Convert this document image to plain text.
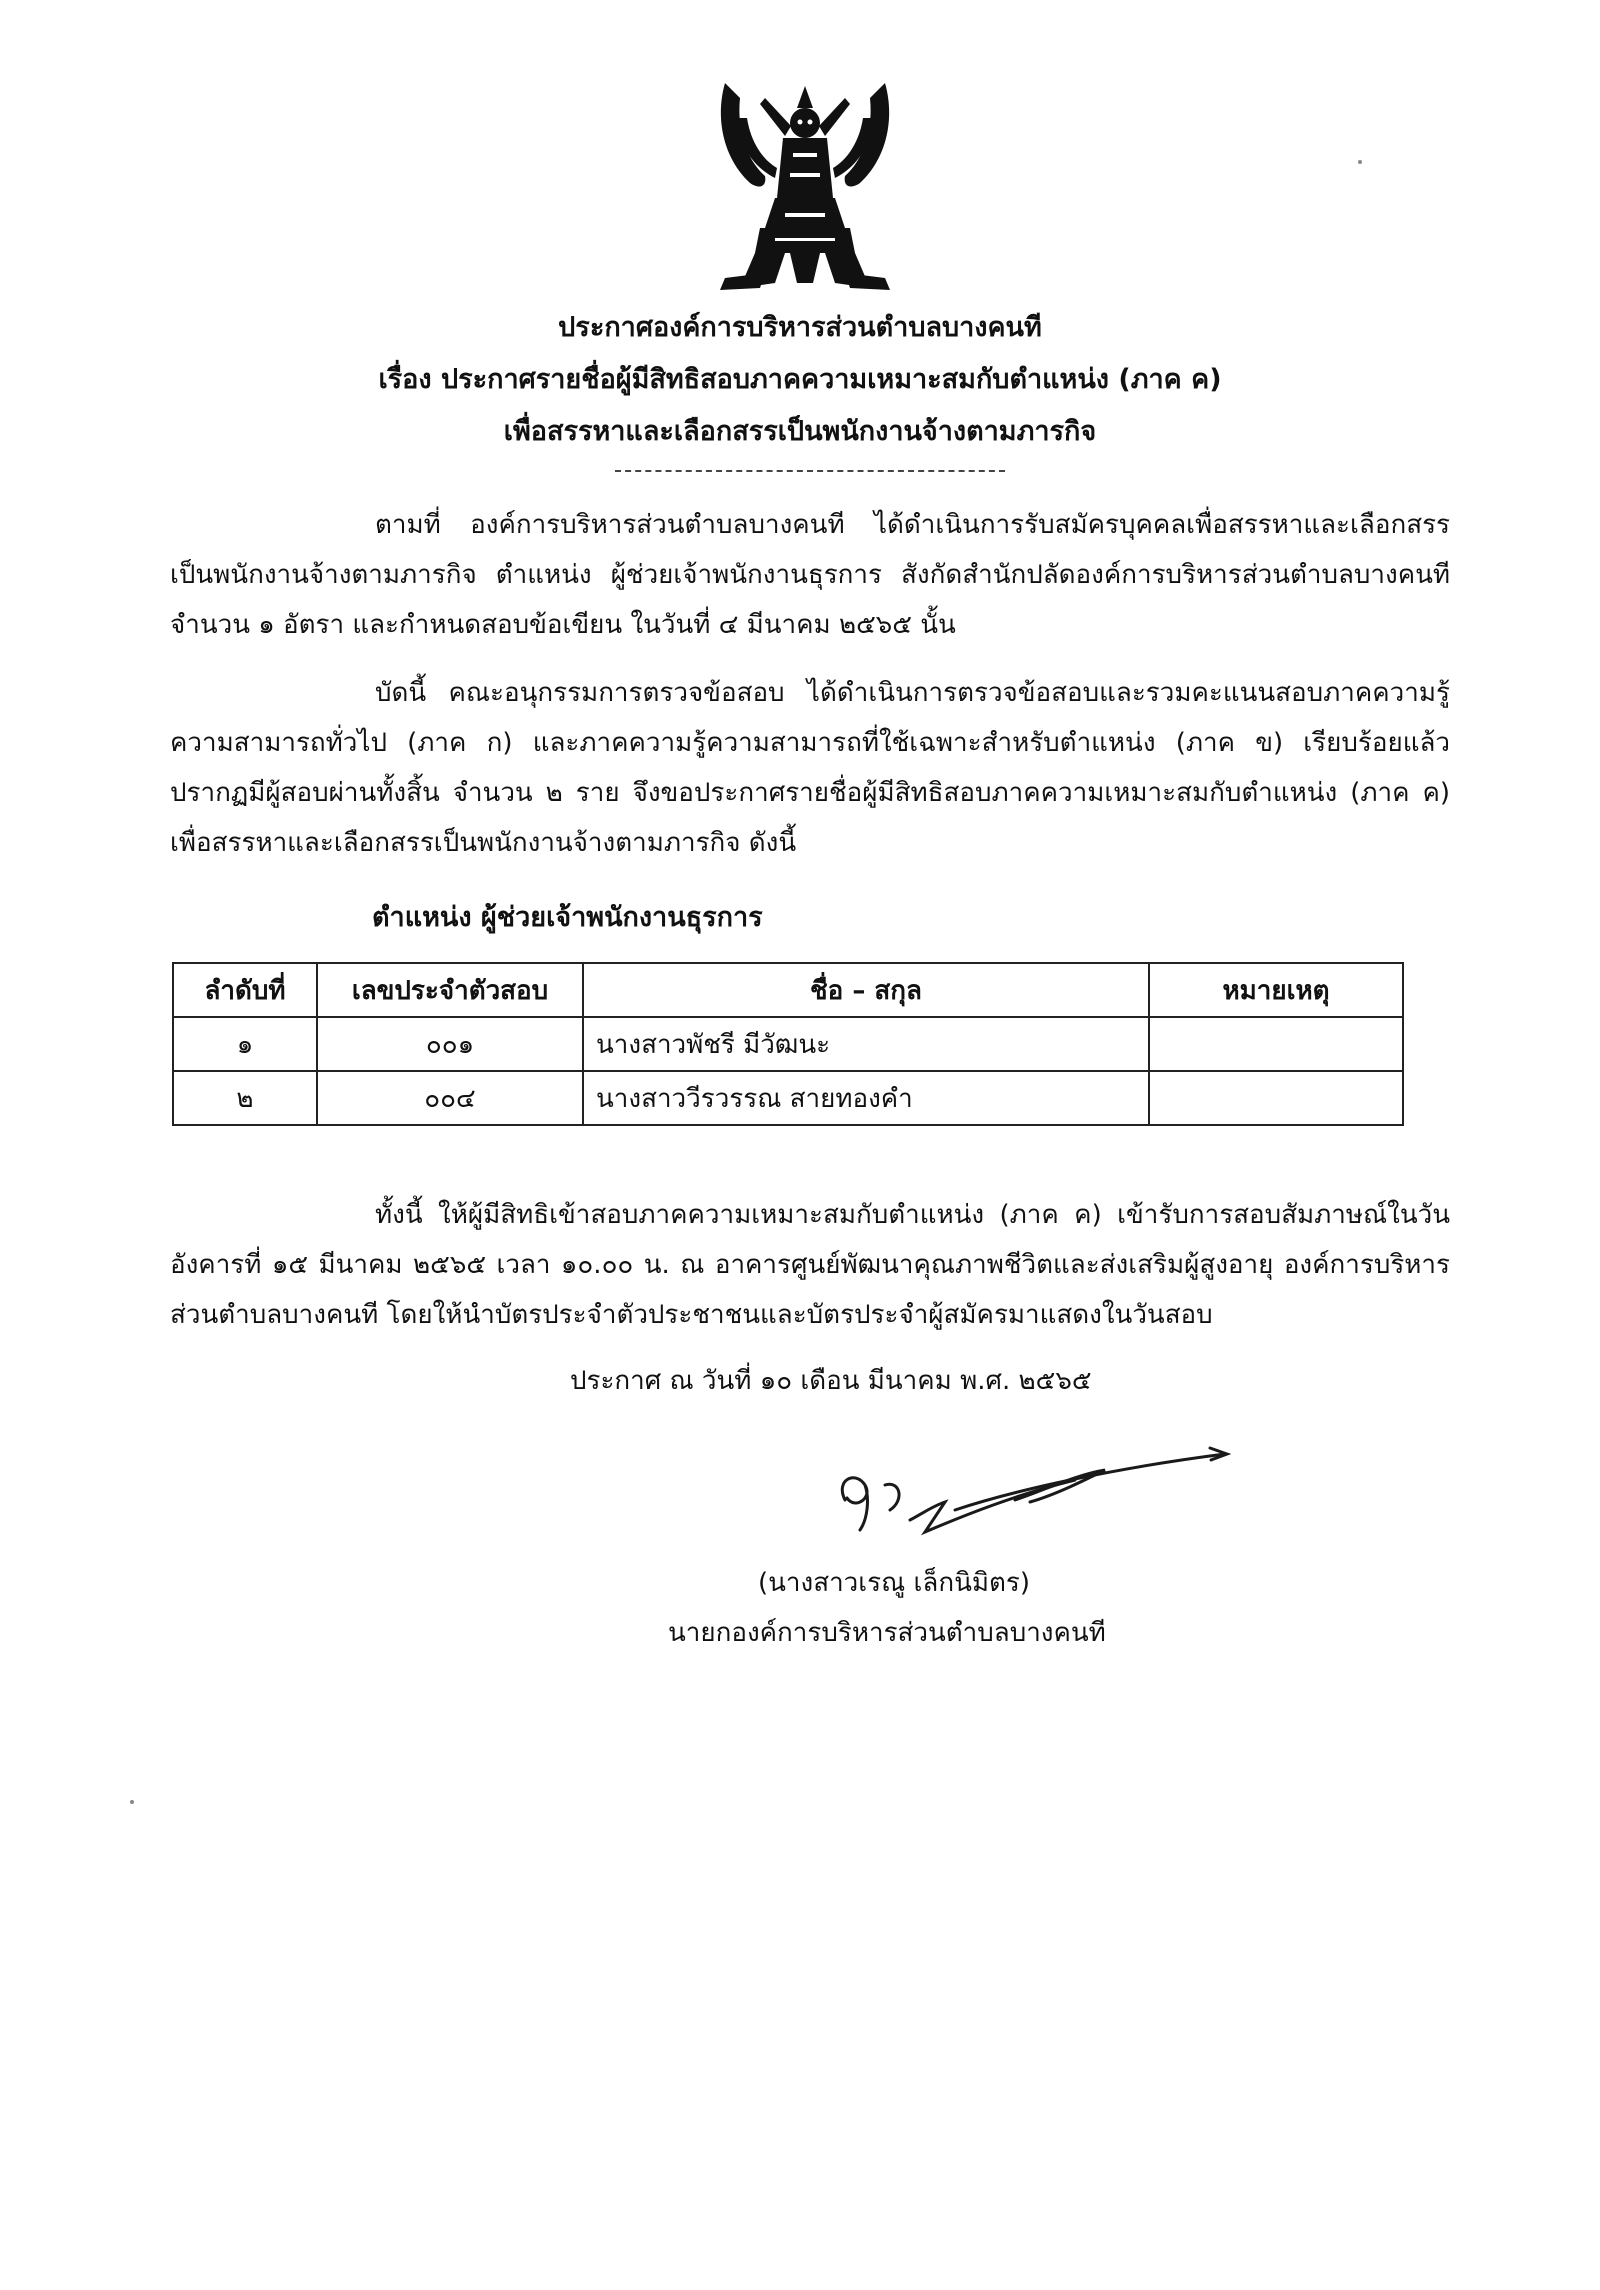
ประกาศองค์การบริหารส่วนตำบลบางคนที
เรื่อง ประกาศรายชื่อผู้มีสิทธิสอบภาคความเหมาะสมกับตำแหน่ง (ภาค ค)
เพื่อสรรหาและเลือกสรรเป็นพนักงานจ้างตามภารกิจ

ตามที่ องค์การบริหารส่วนตำบลบางคนที ได้ดำเนินการรับสมัครบุคคลเพื่อสรรหาและเลือกสรรเป็นพนักงานจ้างตามภารกิจ ตำแหน่ง ผู้ช่วยเจ้าพนักงานธุรการ สังกัดสำนักปลัดองค์การบริหารส่วนตำบลบางคนที จำนวน ๑ อัตรา และกำหนดสอบข้อเขียน ในวันที่ ๔ มีนาคม ๒๕๖๕ นั้น

บัดนี้ คณะอนุกรรมการตรวจข้อสอบ ได้ดำเนินการตรวจข้อสอบและรวมคะแนนสอบภาคความรู้ความสามารถทั่วไป (ภาค ก) และภาคความรู้ความสามารถที่ใช้เฉพาะสำหรับตำแหน่ง (ภาค ข) เรียบร้อยแล้ว ปรากฏมีผู้สอบผ่านทั้งสิ้น จำนวน ๒ ราย จึงขอประกาศรายชื่อผู้มีสิทธิสอบภาคความเหมาะสมกับตำแหน่ง (ภาค ค) เพื่อสรรหาและเลือกสรรเป็นพนักงานจ้างตามภารกิจ ดังนี้

ตำแหน่ง ผู้ช่วยเจ้าพนักงานธุรการ
ลำดับที่	เลขประจำตัวสอบ	ชื่อ – สกุล	หมายเหตุ
๑	๐๐๑	นางสาวพัชรี มีวัฒนะ	
๒	๐๐๔	นางสาววีรวรรณ สายทองคำ	

ทั้งนี้ ให้ผู้มีสิทธิเข้าสอบภาคความเหมาะสมกับตำแหน่ง (ภาค ค) เข้ารับการสอบสัมภาษณ์ในวันอังคารที่ ๑๕ มีนาคม ๒๕๖๕ เวลา ๑๐.๐๐ น. ณ อาคารศูนย์พัฒนาคุณภาพชีวิตและส่งเสริมผู้สูงอายุ องค์การบริหารส่วนตำบลบางคนที โดยให้นำบัตรประจำตัวประชาชนและบัตรประจำผู้สมัครมาแสดงในวันสอบ

ประกาศ ณ วันที่ ๑๐ เดือน มีนาคม พ.ศ. ๒๕๖๕
(นางสาวเรณู เล็กนิมิตร)
นายกองค์การบริหารส่วนตำบลบางคนที
